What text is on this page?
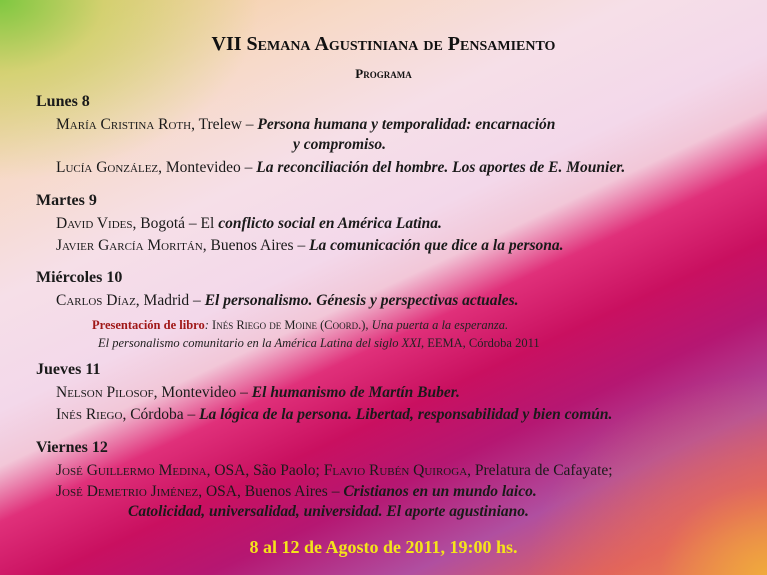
VII Semana Agustiniana de Pensamiento
Programa
Lunes 8
María Cristina Roth, Trelew – Persona humana y temporalidad: encarnación
y compromiso.
Lucía González, Montevideo – La reconciliación del hombre. Los aportes de E. Mounier.
Martes 9
David Vides, Bogotá – El conflicto social en América Latina.
Javier García Moritán, Buenos Aires – La comunicación que dice a la persona.
Miércoles 10
Carlos Díaz, Madrid – El personalismo. Génesis y perspectivas actuales.
Presentación de libro: Inés Riego de Moine (Coord.), Una puerta a la esperanza.
El personalismo comunitario en la América Latina del siglo XXI, EEMA, Córdoba 2011
Jueves 11
Nelson Pilosof, Montevideo – El humanismo de Martín Buber.
Inés Riego, Córdoba – La lógica de la persona. Libertad, responsabilidad y bien común.
Viernes 12
José Guillermo Medina, OSA, São Paolo; Flavio Rubén Quiroga, Prelatura de Cafayate;
José Demetrio Jiménez, OSA, Buenos Aires – Cristianos en un mundo laico.
Catolicidad, universalidad, universidad. El aporte agustiniano.
8 al 12 de Agosto de 2011, 19:00 hs.
